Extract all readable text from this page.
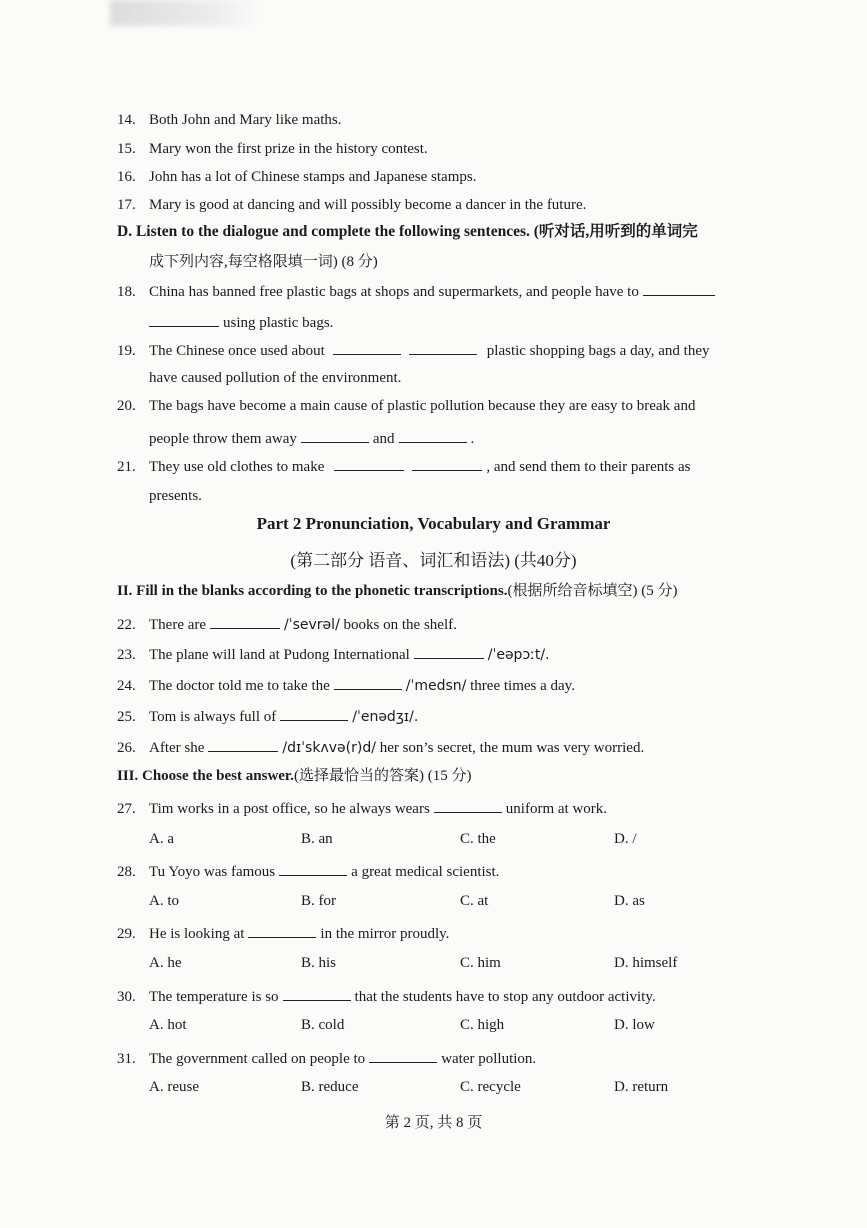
14. Both John and Mary like maths.
15. Mary won the first prize in the history contest.
16. John has a lot of Chinese stamps and Japanese stamps.
17. Mary is good at dancing and will possibly become a dancer in the future.
D. Listen to the dialogue and complete the following sentences. (听对话,用听到的单词完
成下列内容,每空格限填一词) (8 分)
18. China has banned free plastic bags at shops and supermarkets, and people have to
using plastic bags.
19. The Chinese once used about	plastic shopping bags a day, and they
have caused pollution of the environment.
20. The bags have become a main cause of plastic pollution because they are easy to break and
people throw them away	and	.
21. They use old clothes to make	, and send them to their parents as
presents.
Part 2 Pronunciation, Vocabulary and Grammar
(第二部分 语音、词汇和语法) (共40分)
II. Fill in the blanks according to the phonetic transcriptions.(根据所给音标填空) (5 分)
22. There are	/ˈsevrəl/ books on the shelf.
23. The plane will land at Pudong International	/ˈeəpɔːt/.
24. The doctor told me to take the	/ˈmedsn/ three times a day.
25. Tom is always full of	/ˈenədʒɪ/.
26. After she	/dɪˈskʌvə(r)d/ her son’s secret, the mum was very worried.
III. Choose the best answer.(选择最恰当的答案) (15 分)
27. Tim works in a post office, so he always wears	uniform at work.
A. a	B. an	C. the	D. /
28. Tu Yoyo was famous	a great medical scientist.
A. to	B. for	C. at	D. as
29. He is looking at	in the mirror proudly.
A. he	B. his	C. him	D. himself
30. The temperature is so	that the students have to stop any outdoor activity.
A. hot	B. cold	C. high	D. low
31. The government called on people to	water pollution.
A. reuse	B. reduce	C. recycle	D. return
第 2 页, 共 8 页
